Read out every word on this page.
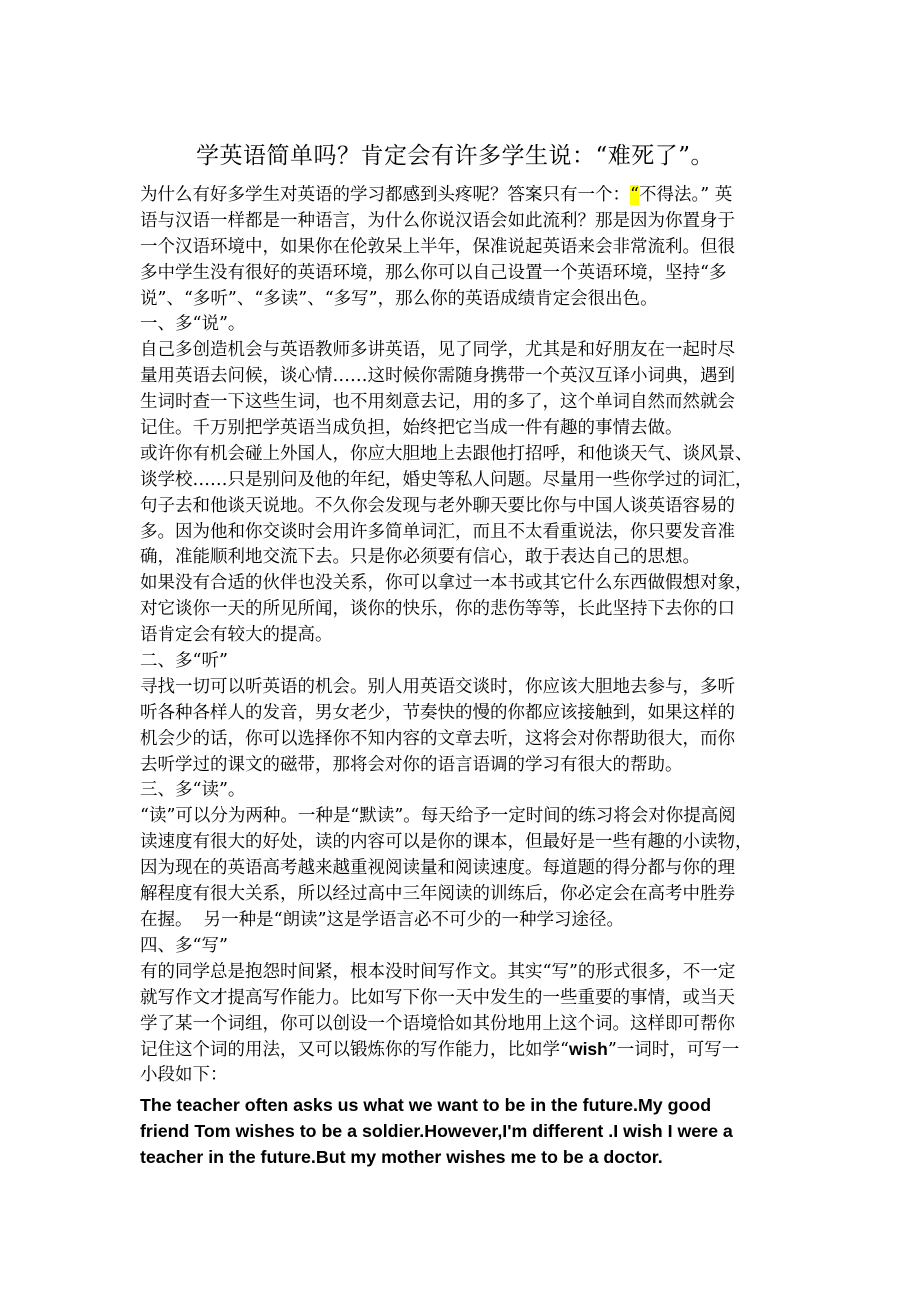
学英语简单吗？肯定会有许多学生说：“难死了”。
为什么有好多学生对英语的学习都感到头疼呢？答案只有一个：“不得法。” 英
语与汉语一样都是一种语言，为什么你说汉语会如此流利？那是因为你置身于
一个汉语环境中，如果你在伦敦呆上半年，保准说起英语来会非常流利。但很
多中学生没有很好的英语环境，那么你可以自己设置一个英语环境，坚持“多
说”、“多听”、“多读”、“多写”，那么你的英语成绩肯定会很出色。
一、多“说”。
自己多创造机会与英语教师多讲英语，见了同学，尤其是和好朋友在一起时尽
量用英语去问候，谈心情……这时候你需随身携带一个英汉互译小词典，遇到
生词时查一下这些生词，也不用刻意去记，用的多了，这个单词自然而然就会
记住。千万别把学英语当成负担，始终把它当成一件有趣的事情去做。
或许你有机会碰上外国人，你应大胆地上去跟他打招呼，和他谈天气、谈风景、
谈学校……只是别问及他的年纪，婚史等私人问题。尽量用一些你学过的词汇，
句子去和他谈天说地。不久你会发现与老外聊天要比你与中国人谈英语容易的
多。因为他和你交谈时会用许多简单词汇，而且不太看重说法，你只要发音准
确，准能顺利地交流下去。只是你必须要有信心，敢于表达自己的思想。
如果没有合适的伙伴也没关系，你可以拿过一本书或其它什么东西做假想对象，
对它谈你一天的所见所闻，谈你的快乐，你的悲伤等等，长此坚持下去你的口
语肯定会有较大的提高。
二、多“听”
寻找一切可以听英语的机会。别人用英语交谈时，你应该大胆地去参与，多听
听各种各样人的发音，男女老少，节奏快的慢的你都应该接触到，如果这样的
机会少的话，你可以选择你不知内容的文章去听，这将会对你帮助很大，而你
去听学过的课文的磁带，那将会对你的语言语调的学习有很大的帮助。
三、多“读”。
“读”可以分为两种。一种是“默读”。每天给予一定时间的练习将会对你提高阅
读速度有很大的好处，读的内容可以是你的课本，但最好是一些有趣的小读物，
因为现在的英语高考越来越重视阅读量和阅读速度。每道题的得分都与你的理
解程度有很大关系，所以经过高中三年阅读的训练后，你必定会在高考中胜券
在握。  另一种是“朗读”这是学语言必不可少的一种学习途径。
四、多“写”
有的同学总是抱怨时间紧，根本没时间写作文。其实“写”的形式很多，不一定
就写作文才提高写作能力。比如写下你一天中发生的一些重要的事情，或当天
学了某一个词组，你可以创设一个语境恰如其份地用上这个词。这样即可帮你
记住这个词的用法，又可以锻炼你的写作能力，比如学“wish”一词时，可写一
小段如下：
The teacher often asks us what we want to be in the future.My good
friend Tom wishes to be a soldier.However,I'm different .I wish I were a
teacher in the future.But my mother wishes me to be a doctor.
